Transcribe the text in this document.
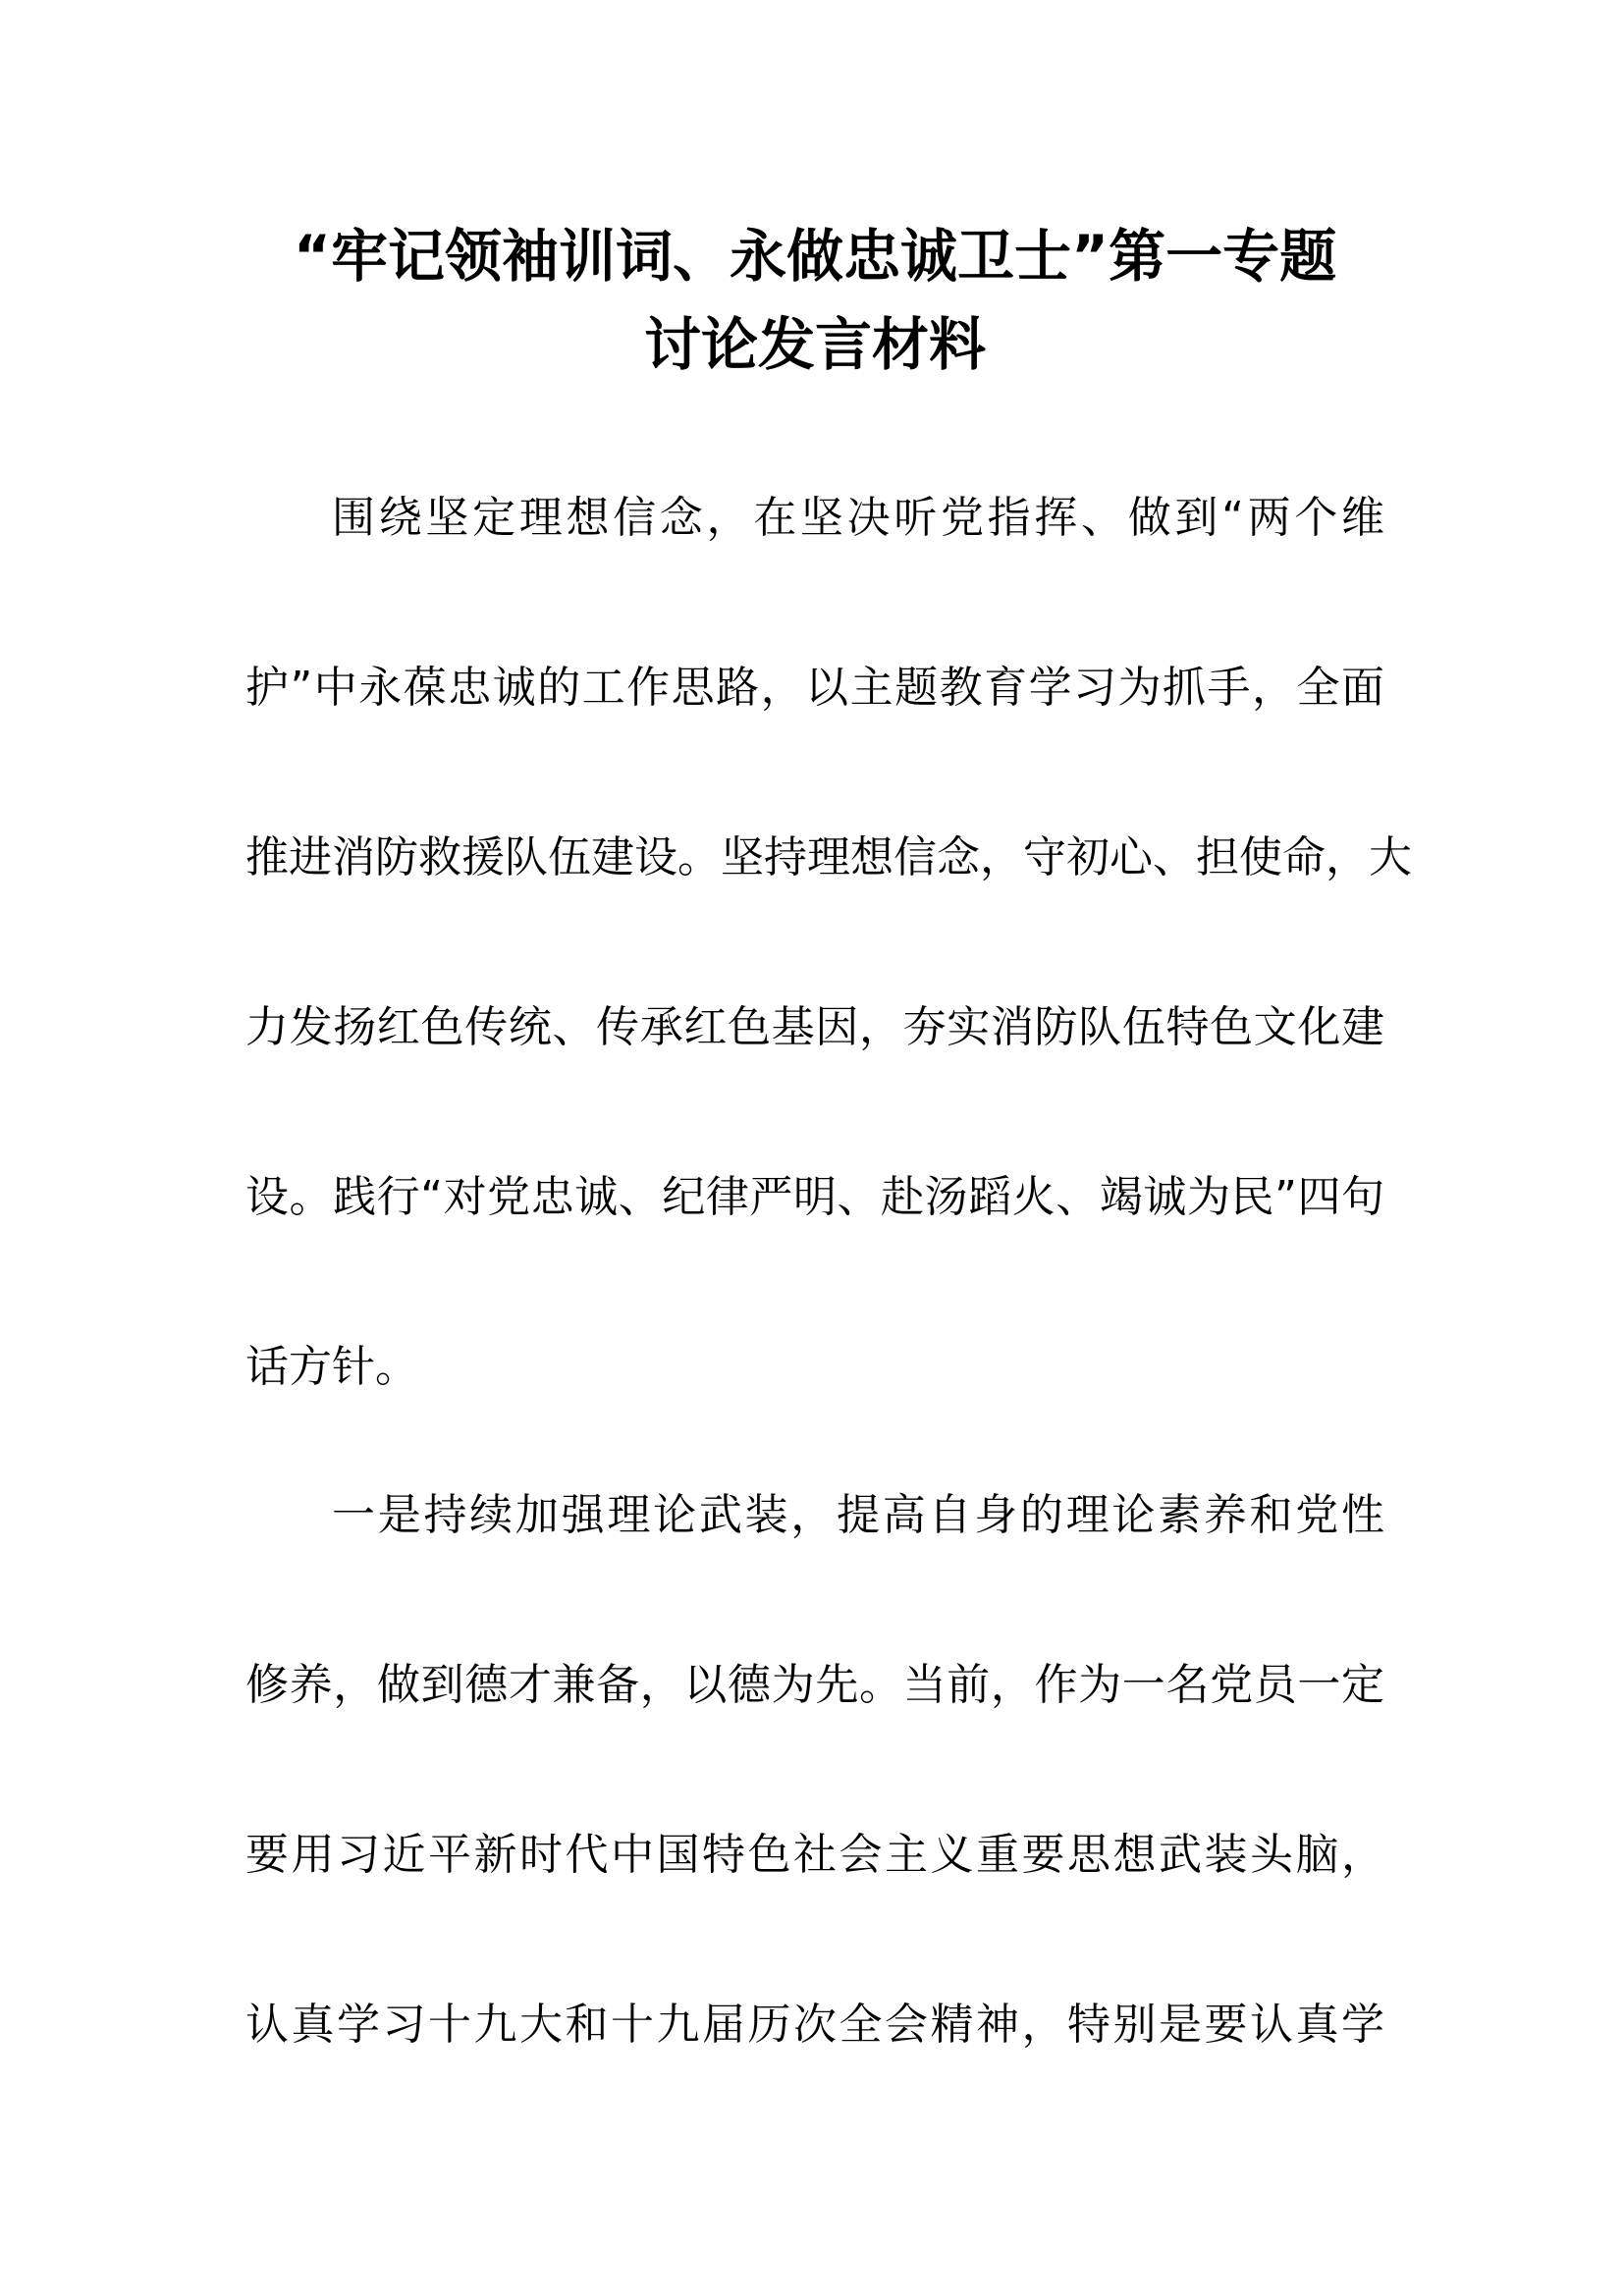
“牢记领袖训词、永做忠诚卫士”第一专题
讨论发言材料
围绕坚定理想信念，在坚决听党指挥、做到“两个维
护”中永葆忠诚的工作思路，以主题教育学习为抓手，全面
推进消防救援队伍建设。坚持理想信念，守初心、担使命，大
力发扬红色传统、传承红色基因，夯实消防队伍特色文化建
设。践行“对党忠诚、纪律严明、赴汤蹈火、竭诚为民”四句
话方针。
一是持续加强理论武装，提高自身的理论素养和党性
修养，做到德才兼备，以德为先。当前，作为一名党员一定
要用习近平新时代中国特色社会主义重要思想武装头脑，
认真学习十九大和十九届历次全会精神，特别是要认真学
